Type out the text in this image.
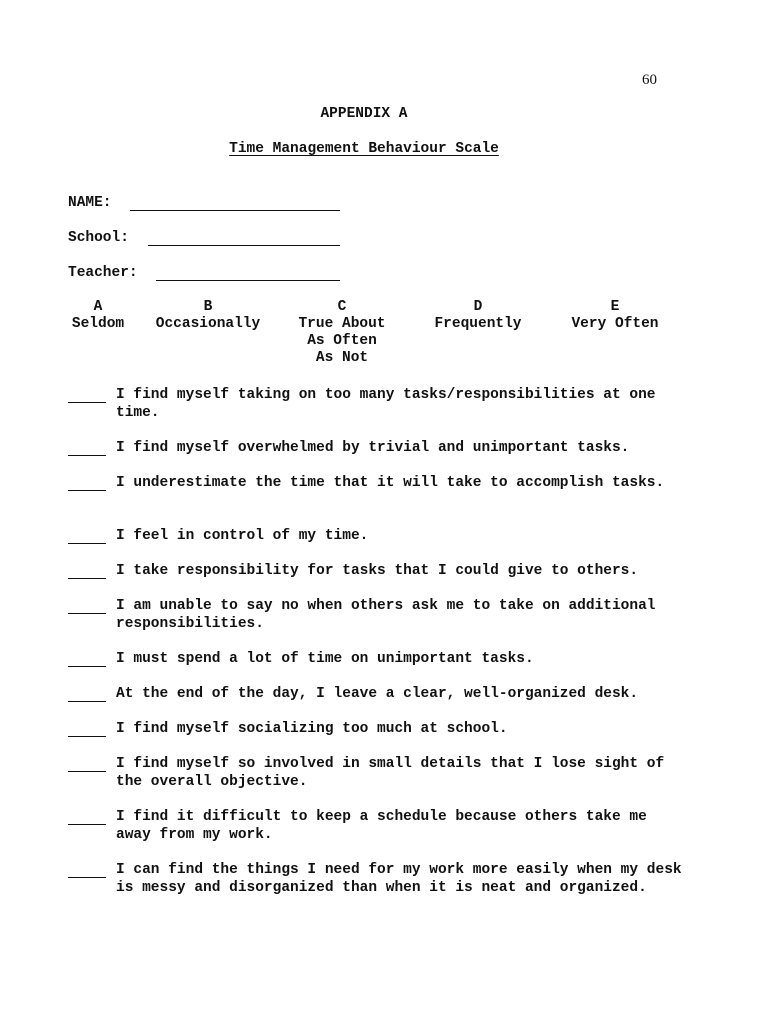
60
APPENDIX A
Time Management Behaviour Scale
NAME:
School:
Teacher:
A
Seldom
B
Occasionally
C
True About
As Often
As Not
D
Frequently
E
Very Often
I find myself taking on too many tasks/responsibilities at one time.
I find myself overwhelmed by trivial and unimportant tasks.
I underestimate the time that it will take to accomplish tasks.
I feel in control of my time.
I take responsibility for tasks that I could give to others.
I am unable to say no when others ask me to take on additional responsibilities.
I must spend a lot of time on unimportant tasks.
At the end of the day, I leave a clear, well-organized desk.
I find myself socializing too much at school.
I find myself so involved in small details that I lose sight of the overall objective.
I find it difficult to keep a schedule because others take me away from my work.
I can find the things I need for my work more easily when my desk is messy and disorganized than when it is neat and organized.
